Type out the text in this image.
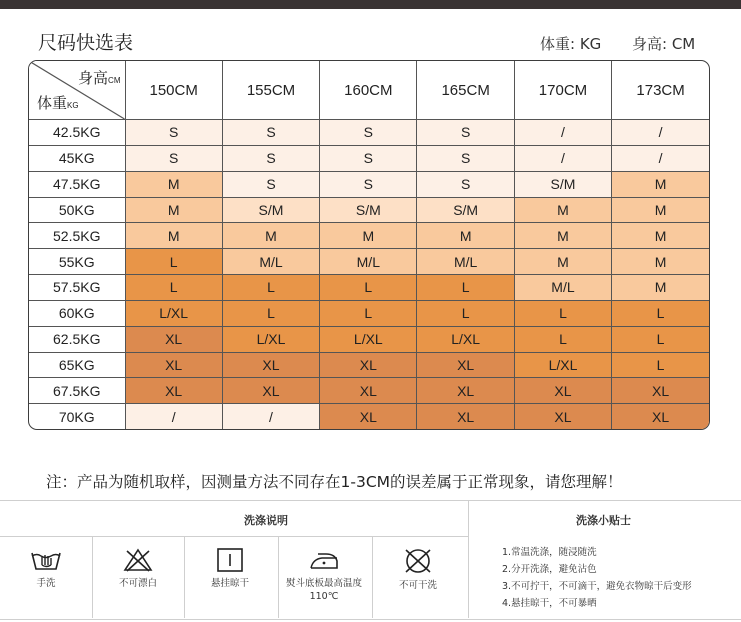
尺码快选表	体重: KG 身高: CM
身高CM
体重KG	150CM	155CM	160CM	165CM	170CM	173CM
42.5KG	S	S	S	S	/	/
45KG	S	S	S	S	/	/
47.5KG	M	S	S	S	S/M	M
50KG	M	S/M	S/M	S/M	M	M
52.5KG	M	M	M	M	M	M
55KG	L	M/L	M/L	M/L	M	M
57.5KG	L	L	L	L	M/L	M
60KG	L/XL	L	L	L	L	L
62.5KG	XL	L/XL	L/XL	L/XL	L	L
65KG	XL	XL	XL	XL	L/XL	L
67.5KG	XL	XL	XL	XL	XL	XL
70KG	/	/	XL	XL	XL	XL
注：产品为随机取样，因测量方法不同存在1-3CM的误差属于正常现象，请您理解！
洗涤说明	洗涤小贴士
手洗	不可漂白	悬挂晾干	熨斗底板最高温度110℃
不可干洗
1.常温洗涤，随浸随洗
2.分开洗涤，避免沾色
3.不可拧干，不可滴干，避免衣物晾干后变形
4.悬挂晾干，不可暴晒
